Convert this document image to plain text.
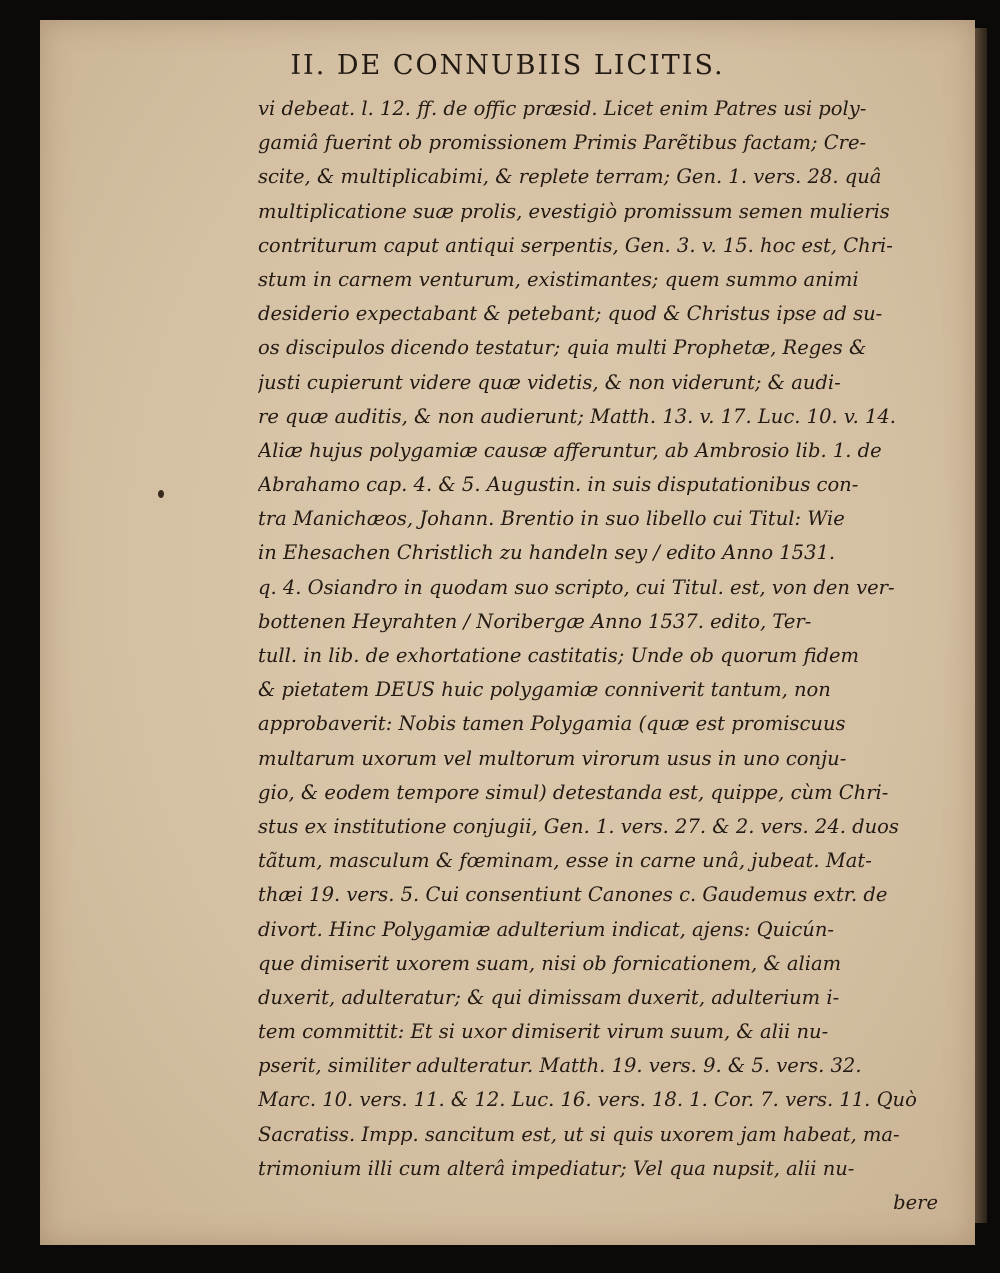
II. DE CONNUBIIS LICITIS.
vi debeat. l. 12. ff. de offic præsid. Licet enim Patres usi poly-
gamiâ fuerint ob promissionem Primis Parẽtibus factam; Cre-
scite, & multiplicabimi, & replete terram; Gen. 1. vers. 28. quâ
multiplicatione suæ prolis, evestigiò promissum semen mulieris
contriturum caput antiqui serpentis, Gen. 3. v. 15. hoc est, Chri-
stum in carnem venturum, existimantes; quem summo animi
desiderio expectabant & petebant; quod & Christus ipse ad su-
os discipulos dicendo testatur; quia multi Prophetæ, Reges &
justi cupierunt videre quæ videtis, & non viderunt; & audi-
re quæ auditis, & non audierunt; Matth. 13. v. 17. Luc. 10. v. 14.
Aliæ hujus polygamiæ causæ afferuntur, ab Ambrosio lib. 1. de
Abrahamo cap. 4. & 5. Augustin. in suis disputationibus con-
tra Manichæos, Johann. Brentio in suo libello cui Titul: Wie
in Ehesachen Christlich zu handeln sey / edito Anno 1531.
q. 4. Osiandro in quodam suo scripto, cui Titul. est, von den ver-
bottenen Heyrahten / Noribergæ Anno 1537. edito, Ter-
tull. in lib. de exhortatione castitatis; Unde ob quorum fidem
& pietatem DEUS huic polygamiæ conniverit tantum, non
approbaverit: Nobis tamen Polygamia (quæ est promiscuus
multarum uxorum vel multorum virorum usus in uno conju-
gio, & eodem tempore simul) detestanda est, quippe, cùm Chri-
stus ex institutione conjugii, Gen. 1. vers. 27. & 2. vers. 24. duos
tãtum, masculum & fœminam, esse in carne unâ, jubeat. Mat-
thæi 19. vers. 5. Cui consentiunt Canones c. Gaudemus extr. de
divort. Hinc Polygamiæ adulterium indicat, ajens: Quicún-
que dimiserit uxorem suam, nisi ob fornicationem, & aliam
duxerit, adulteratur; & qui dimissam duxerit, adulterium i-
tem committit: Et si uxor dimiserit virum suum, & alii nu-
pserit, similiter adulteratur. Matth. 19. vers. 9. & 5. vers. 32.
Marc. 10. vers. 11. & 12. Luc. 16. vers. 18. 1. Cor. 7. vers. 11. Quò
Sacratiss. Impp. sancitum est, ut si quis uxorem jam habeat, ma-
trimonium illi cum alterâ impediatur; Vel qua nupsit, alii nu-
bere
